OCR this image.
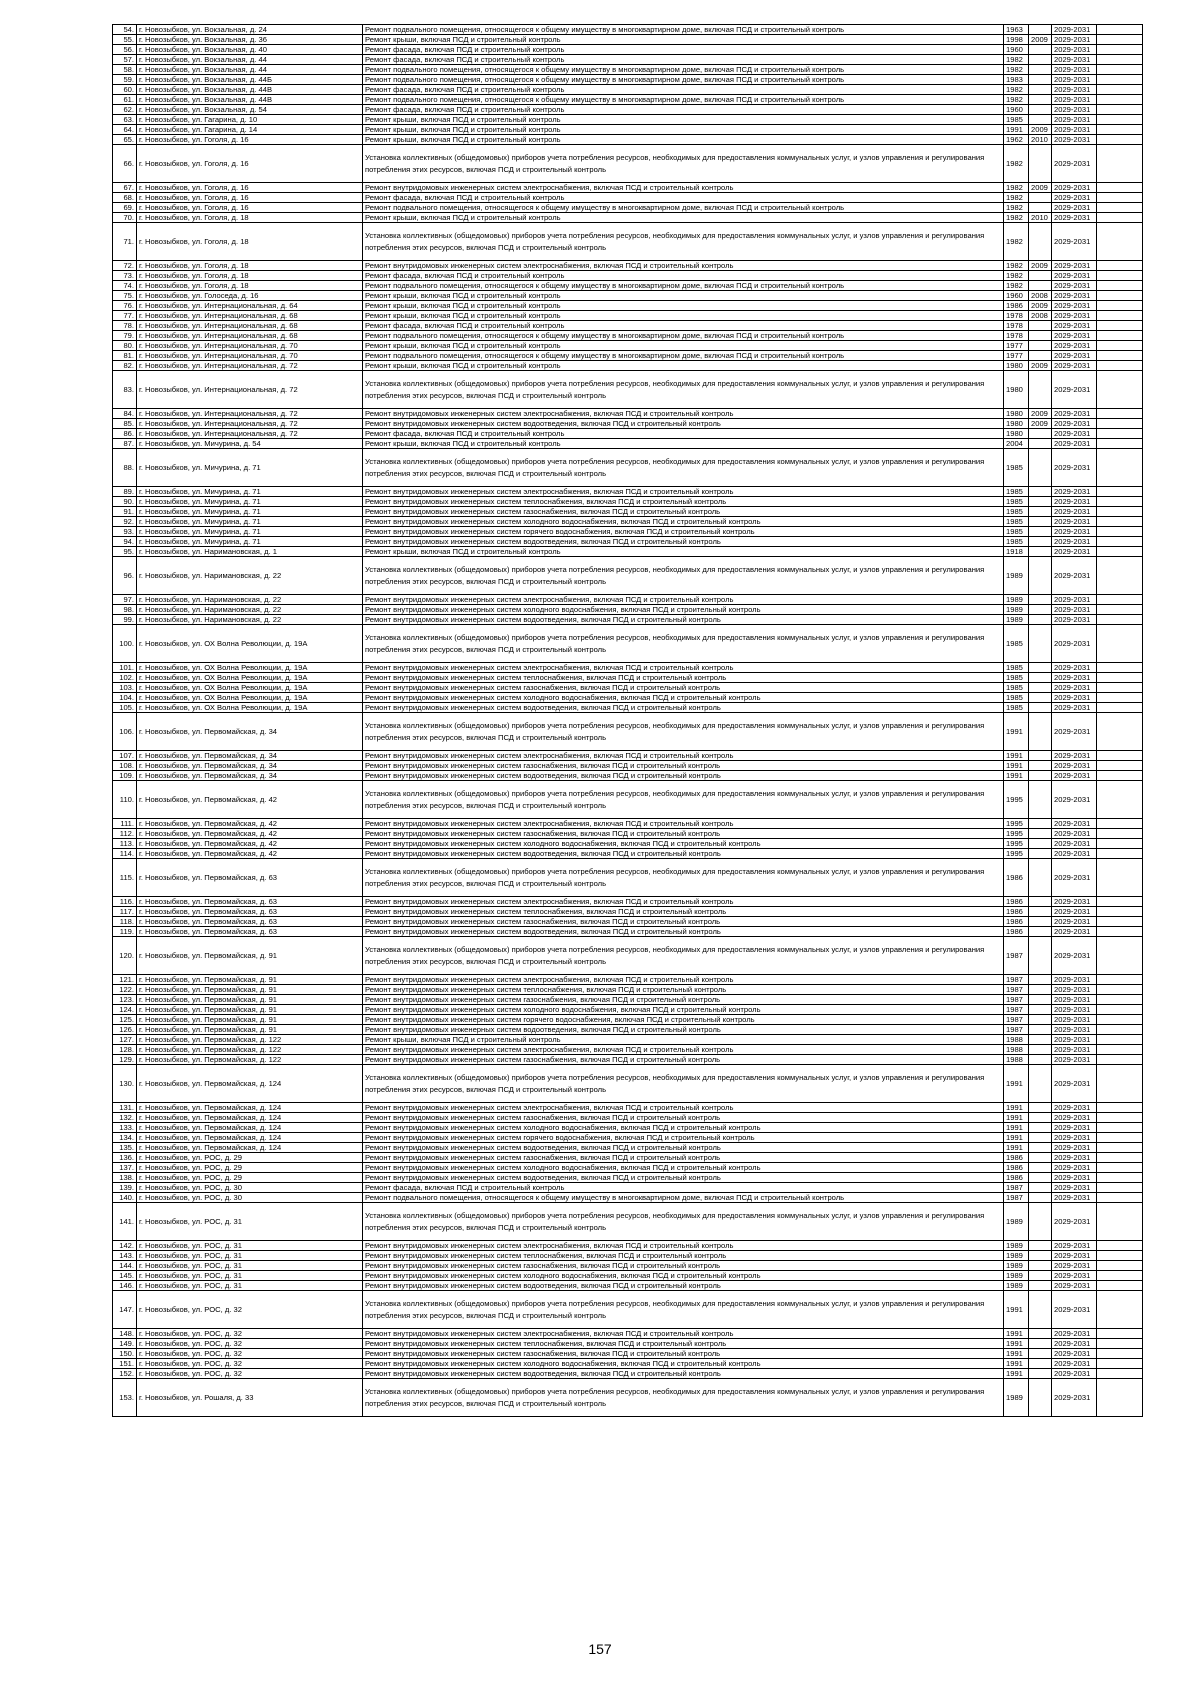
54.	г. Новозыбков, ул. Вокзальная, д. 24	Ремонт подвального помещения, относящегося к общему имуществу в многоквартирном доме, включая ПСД и строительный контроль	1963		2029-2031	
55.	г. Новозыбков, ул. Вокзальная, д. 36	Ремонт крыши, включая ПСД и строительный контроль	1998	2009	2029-2031	
56.	г. Новозыбков, ул. Вокзальная, д. 40	Ремонт фасада, включая ПСД и строительный контроль	1960		2029-2031	
57.	г. Новозыбков, ул. Вокзальная, д. 44	Ремонт фасада, включая ПСД и строительный контроль	1982		2029-2031	
58.	г. Новозыбков, ул. Вокзальная, д. 44	Ремонт подвального помещения, относящегося к общему имуществу в многоквартирном доме, включая ПСД и строительный контроль	1982		2029-2031	
59.	г. Новозыбков, ул. Вокзальная, д. 44Б	Ремонт подвального помещения, относящегося к общему имуществу в многоквартирном доме, включая ПСД и строительный контроль	1983		2029-2031	
60.	г. Новозыбков, ул. Вокзальная, д. 44В	Ремонт фасада, включая ПСД и строительный контроль	1982		2029-2031	
61.	г. Новозыбков, ул. Вокзальная, д. 44В	Ремонт подвального помещения, относящегося к общему имуществу в многоквартирном доме, включая ПСД и строительный контроль	1982		2029-2031	
62.	г. Новозыбков, ул. Вокзальная, д. 54	Ремонт фасада, включая ПСД и строительный контроль	1960		2029-2031	
63.	г. Новозыбков, ул. Гагарина, д. 10	Ремонт крыши, включая ПСД и строительный контроль	1985		2029-2031	
64.	г. Новозыбков, ул. Гагарина, д. 14	Ремонт крыши, включая ПСД и строительный контроль	1991	2009	2029-2031	
65.	г. Новозыбков, ул. Гоголя, д. 16	Ремонт крыши, включая ПСД и строительный контроль	1962	2010	2029-2031	
66.	г. Новозыбков, ул. Гоголя, д. 16	Установка коллективных (общедомовых) приборов учета потребления ресурсов, необходимых для предоставления коммунальных услуг, и узлов управления и регулирования потребления этих ресурсов, включая ПСД и строительный контроль	1982		2029-2031	
67.	г. Новозыбков, ул. Гоголя, д. 16	Ремонт внутридомовых инженерных систем электроснабжения, включая ПСД и строительный контроль	1982	2009	2029-2031	
68.	г. Новозыбков, ул. Гоголя, д. 16	Ремонт фасада, включая ПСД и строительный контроль	1982		2029-2031	
69.	г. Новозыбков, ул. Гоголя, д. 16	Ремонт подвального помещения, относящегося к общему имуществу в многоквартирном доме, включая ПСД и строительный контроль	1982		2029-2031	
70.	г. Новозыбков, ул. Гоголя, д. 18	Ремонт крыши, включая ПСД и строительный контроль	1982	2010	2029-2031	
71.	г. Новозыбков, ул. Гоголя, д. 18	Установка коллективных (общедомовых) приборов учета потребления ресурсов, необходимых для предоставления коммунальных услуг, и узлов управления и регулирования потребления этих ресурсов, включая ПСД и строительный контроль	1982		2029-2031	
72.	г. Новозыбков, ул. Гоголя, д. 18	Ремонт внутридомовых инженерных систем электроснабжения, включая ПСД и строительный контроль	1982	2009	2029-2031	
73.	г. Новозыбков, ул. Гоголя, д. 18	Ремонт фасада, включая ПСД и строительный контроль	1982		2029-2031	
74.	г. Новозыбков, ул. Гоголя, д. 18	Ремонт подвального помещения, относящегося к общему имуществу в многоквартирном доме, включая ПСД и строительный контроль	1982		2029-2031	
75.	г. Новозыбков, ул. Голоседа, д. 16	Ремонт крыши, включая ПСД и строительный контроль	1960	2008	2029-2031	
76.	г. Новозыбков, ул. Интернациональная, д. 64	Ремонт крыши, включая ПСД и строительный контроль	1986	2009	2029-2031	
77.	г. Новозыбков, ул. Интернациональная, д. 68	Ремонт крыши, включая ПСД и строительный контроль	1978	2008	2029-2031	
78.	г. Новозыбков, ул. Интернациональная, д. 68	Ремонт фасада, включая ПСД и строительный контроль	1978		2029-2031	
79.	г. Новозыбков, ул. Интернациональная, д. 68	Ремонт подвального помещения, относящегося к общему имуществу в многоквартирном доме, включая ПСД и строительный контроль	1978		2029-2031	
80.	г. Новозыбков, ул. Интернациональная, д. 70	Ремонт крыши, включая ПСД и строительный контроль	1977		2029-2031	
81.	г. Новозыбков, ул. Интернациональная, д. 70	Ремонт подвального помещения, относящегося к общему имуществу в многоквартирном доме, включая ПСД и строительный контроль	1977		2029-2031	
82.	г. Новозыбков, ул. Интернациональная, д. 72	Ремонт крыши, включая ПСД и строительный контроль	1980	2009	2029-2031	
83.	г. Новозыбков, ул. Интернациональная, д. 72	Установка коллективных (общедомовых) приборов учета потребления ресурсов, необходимых для предоставления коммунальных услуг, и узлов управления и регулирования потребления этих ресурсов, включая ПСД и строительный контроль	1980		2029-2031	
84.	г. Новозыбков, ул. Интернациональная, д. 72	Ремонт внутридомовых инженерных систем электроснабжения, включая ПСД и строительный контроль	1980	2009	2029-2031	
85.	г. Новозыбков, ул. Интернациональная, д. 72	Ремонт внутридомовых инженерных систем водоотведения, включая ПСД и строительный контроль	1980	2009	2029-2031	
86.	г. Новозыбков, ул. Интернациональная, д. 72	Ремонт фасада, включая ПСД и строительный контроль	1980		2029-2031	
87.	г. Новозыбков, ул. Мичурина, д. 54	Ремонт крыши, включая ПСД и строительный контроль	2004		2029-2031	
88.	г. Новозыбков, ул. Мичурина, д. 71	Установка коллективных (общедомовых) приборов учета потребления ресурсов, необходимых для предоставления коммунальных услуг, и узлов управления и регулирования потребления этих ресурсов, включая ПСД и строительный контроль	1985		2029-2031	
89.	г. Новозыбков, ул. Мичурина, д. 71	Ремонт внутридомовых инженерных систем электроснабжения, включая ПСД и строительный контроль	1985		2029-2031	
90.	г. Новозыбков, ул. Мичурина, д. 71	Ремонт внутридомовых инженерных систем теплоснабжения, включая ПСД и строительный контроль	1985		2029-2031	
91.	г. Новозыбков, ул. Мичурина, д. 71	Ремонт внутридомовых инженерных систем газоснабжения, включая ПСД и строительный контроль	1985		2029-2031	
92.	г. Новозыбков, ул. Мичурина, д. 71	Ремонт внутридомовых инженерных систем холодного водоснабжения, включая ПСД и строительный контроль	1985		2029-2031	
93.	г. Новозыбков, ул. Мичурина, д. 71	Ремонт внутридомовых инженерных систем горячего водоснабжения, включая ПСД и строительный контроль	1985		2029-2031	
94.	г. Новозыбков, ул. Мичурина, д. 71	Ремонт внутридомовых инженерных систем водоотведения, включая ПСД и строительный контроль	1985		2029-2031	
95.	г. Новозыбков, ул. Наримановская, д. 1	Ремонт крыши, включая ПСД и строительный контроль	1918		2029-2031	
96.	г. Новозыбков, ул. Наримановская, д. 22	Установка коллективных (общедомовых) приборов учета потребления ресурсов, необходимых для предоставления коммунальных услуг, и узлов управления и регулирования потребления этих ресурсов, включая ПСД и строительный контроль	1989		2029-2031	
97.	г. Новозыбков, ул. Наримановская, д. 22	Ремонт внутридомовых инженерных систем электроснабжения, включая ПСД и строительный контроль	1989		2029-2031	
98.	г. Новозыбков, ул. Наримановская, д. 22	Ремонт внутридомовых инженерных систем холодного водоснабжения, включая ПСД и строительный контроль	1989		2029-2031	
99.	г. Новозыбков, ул. Наримановская, д. 22	Ремонт внутридомовых инженерных систем водоотведения, включая ПСД и строительный контроль	1989		2029-2031	
100.	г. Новозыбков, ул. ОХ Волна Революции, д. 19А	Установка коллективных (общедомовых) приборов учета потребления ресурсов, необходимых для предоставления коммунальных услуг, и узлов управления и регулирования потребления этих ресурсов, включая ПСД и строительный контроль	1985		2029-2031	
101.	г. Новозыбков, ул. ОХ Волна Революции, д. 19А	Ремонт внутридомовых инженерных систем электроснабжения, включая ПСД и строительный контроль	1985		2029-2031	
102.	г. Новозыбков, ул. ОХ Волна Революции, д. 19А	Ремонт внутридомовых инженерных систем теплоснабжения, включая ПСД и строительный контроль	1985		2029-2031	
103.	г. Новозыбков, ул. ОХ Волна Революции, д. 19А	Ремонт внутридомовых инженерных систем газоснабжения, включая ПСД и строительный контроль	1985		2029-2031	
104.	г. Новозыбков, ул. ОХ Волна Революции, д. 19А	Ремонт внутридомовых инженерных систем холодного водоснабжения, включая ПСД и строительный контроль	1985		2029-2031	
105.	г. Новозыбков, ул. ОХ Волна Революции, д. 19А	Ремонт внутридомовых инженерных систем водоотведения, включая ПСД и строительный контроль	1985		2029-2031	
106.	г. Новозыбков, ул. Первомайская, д. 34	Установка коллективных (общедомовых) приборов учета потребления ресурсов, необходимых для предоставления коммунальных услуг, и узлов управления и регулирования потребления этих ресурсов, включая ПСД и строительный контроль	1991		2029-2031	
107.	г. Новозыбков, ул. Первомайская, д. 34	Ремонт внутридомовых инженерных систем электроснабжения, включая ПСД и строительный контроль	1991		2029-2031	
108.	г. Новозыбков, ул. Первомайская, д. 34	Ремонт внутридомовых инженерных систем газоснабжения, включая ПСД и строительный контроль	1991		2029-2031	
109.	г. Новозыбков, ул. Первомайская, д. 34	Ремонт внутридомовых инженерных систем водоотведения, включая ПСД и строительный контроль	1991		2029-2031	
110.	г. Новозыбков, ул. Первомайская, д. 42	Установка коллективных (общедомовых) приборов учета потребления ресурсов, необходимых для предоставления коммунальных услуг, и узлов управления и регулирования потребления этих ресурсов, включая ПСД и строительный контроль	1995		2029-2031	
111.	г. Новозыбков, ул. Первомайская, д. 42	Ремонт внутридомовых инженерных систем электроснабжения, включая ПСД и строительный контроль	1995		2029-2031	
112.	г. Новозыбков, ул. Первомайская, д. 42	Ремонт внутридомовых инженерных систем газоснабжения, включая ПСД и строительный контроль	1995		2029-2031	
113.	г. Новозыбков, ул. Первомайская, д. 42	Ремонт внутридомовых инженерных систем холодного водоснабжения, включая ПСД и строительный контроль	1995		2029-2031	
114.	г. Новозыбков, ул. Первомайская, д. 42	Ремонт внутридомовых инженерных систем водоотведения, включая ПСД и строительный контроль	1995		2029-2031	
115.	г. Новозыбков, ул. Первомайская, д. 63	Установка коллективных (общедомовых) приборов учета потребления ресурсов, необходимых для предоставления коммунальных услуг, и узлов управления и регулирования потребления этих ресурсов, включая ПСД и строительный контроль	1986		2029-2031	
116.	г. Новозыбков, ул. Первомайская, д. 63	Ремонт внутридомовых инженерных систем электроснабжения, включая ПСД и строительный контроль	1986		2029-2031	
117.	г. Новозыбков, ул. Первомайская, д. 63	Ремонт внутридомовых инженерных систем теплоснабжения, включая ПСД и строительный контроль	1986		2029-2031	
118.	г. Новозыбков, ул. Первомайская, д. 63	Ремонт внутридомовых инженерных систем газоснабжения, включая ПСД и строительный контроль	1986		2029-2031	
119.	г. Новозыбков, ул. Первомайская, д. 63	Ремонт внутридомовых инженерных систем водоотведения, включая ПСД и строительный контроль	1986		2029-2031	
120.	г. Новозыбков, ул. Первомайская, д. 91	Установка коллективных (общедомовых) приборов учета потребления ресурсов, необходимых для предоставления коммунальных услуг, и узлов управления и регулирования потребления этих ресурсов, включая ПСД и строительный контроль	1987		2029-2031	
121.	г. Новозыбков, ул. Первомайская, д. 91	Ремонт внутридомовых инженерных систем электроснабжения, включая ПСД и строительный контроль	1987		2029-2031	
122.	г. Новозыбков, ул. Первомайская, д. 91	Ремонт внутридомовых инженерных систем теплоснабжения, включая ПСД и строительный контроль	1987		2029-2031	
123.	г. Новозыбков, ул. Первомайская, д. 91	Ремонт внутридомовых инженерных систем газоснабжения, включая ПСД и строительный контроль	1987		2029-2031	
124.	г. Новозыбков, ул. Первомайская, д. 91	Ремонт внутридомовых инженерных систем холодного водоснабжения, включая ПСД и строительный контроль	1987		2029-2031	
125.	г. Новозыбков, ул. Первомайская, д. 91	Ремонт внутридомовых инженерных систем горячего водоснабжения, включая ПСД и строительный контроль	1987		2029-2031	
126.	г. Новозыбков, ул. Первомайская, д. 91	Ремонт внутридомовых инженерных систем водоотведения, включая ПСД и строительный контроль	1987		2029-2031	
127.	г. Новозыбков, ул. Первомайская, д. 122	Ремонт крыши, включая ПСД и строительный контроль	1988		2029-2031	
128.	г. Новозыбков, ул. Первомайская, д. 122	Ремонт внутридомовых инженерных систем электроснабжения, включая ПСД и строительный контроль	1988		2029-2031	
129.	г. Новозыбков, ул. Первомайская, д. 122	Ремонт внутридомовых инженерных систем газоснабжения, включая ПСД и строительный контроль	1988		2029-2031	
130.	г. Новозыбков, ул. Первомайская, д. 124	Установка коллективных (общедомовых) приборов учета потребления ресурсов, необходимых для предоставления коммунальных услуг, и узлов управления и регулирования потребления этих ресурсов, включая ПСД и строительный контроль	1991		2029-2031	
131.	г. Новозыбков, ул. Первомайская, д. 124	Ремонт внутридомовых инженерных систем электроснабжения, включая ПСД и строительный контроль	1991		2029-2031	
132.	г. Новозыбков, ул. Первомайская, д. 124	Ремонт внутридомовых инженерных систем газоснабжения, включая ПСД и строительный контроль	1991		2029-2031	
133.	г. Новозыбков, ул. Первомайская, д. 124	Ремонт внутридомовых инженерных систем холодного водоснабжения, включая ПСД и строительный контроль	1991		2029-2031	
134.	г. Новозыбков, ул. Первомайская, д. 124	Ремонт внутридомовых инженерных систем горячего водоснабжения, включая ПСД и строительный контроль	1991		2029-2031	
135.	г. Новозыбков, ул. Первомайская, д. 124	Ремонт внутридомовых инженерных систем водоотведения, включая ПСД и строительный контроль	1991		2029-2031	
136.	г. Новозыбков, ул. РОС, д. 29	Ремонт внутридомовых инженерных систем газоснабжения, включая ПСД и строительный контроль	1986		2029-2031	
137.	г. Новозыбков, ул. РОС, д. 29	Ремонт внутридомовых инженерных систем холодного водоснабжения, включая ПСД и строительный контроль	1986		2029-2031	
138.	г. Новозыбков, ул. РОС, д. 29	Ремонт внутридомовых инженерных систем водоотведения, включая ПСД и строительный контроль	1986		2029-2031	
139.	г. Новозыбков, ул. РОС, д. 30	Ремонт фасада, включая ПСД и строительный контроль	1987		2029-2031	
140.	г. Новозыбков, ул. РОС, д. 30	Ремонт подвального помещения, относящегося к общему имуществу в многоквартирном доме, включая ПСД и строительный контроль	1987		2029-2031	
141.	г. Новозыбков, ул. РОС, д. 31	Установка коллективных (общедомовых) приборов учета потребления ресурсов, необходимых для предоставления коммунальных услуг, и узлов управления и регулирования потребления этих ресурсов, включая ПСД и строительный контроль	1989		2029-2031	
142.	г. Новозыбков, ул. РОС, д. 31	Ремонт внутридомовых инженерных систем электроснабжения, включая ПСД и строительный контроль	1989		2029-2031	
143.	г. Новозыбков, ул. РОС, д. 31	Ремонт внутридомовых инженерных систем теплоснабжения, включая ПСД и строительный контроль	1989		2029-2031	
144.	г. Новозыбков, ул. РОС, д. 31	Ремонт внутридомовых инженерных систем газоснабжения, включая ПСД и строительный контроль	1989		2029-2031	
145.	г. Новозыбков, ул. РОС, д. 31	Ремонт внутридомовых инженерных систем холодного водоснабжения, включая ПСД и строительный контроль	1989		2029-2031	
146.	г. Новозыбков, ул. РОС, д. 31	Ремонт внутридомовых инженерных систем водоотведения, включая ПСД и строительный контроль	1989		2029-2031	
147.	г. Новозыбков, ул. РОС, д. 32	Установка коллективных (общедомовых) приборов учета потребления ресурсов, необходимых для предоставления коммунальных услуг, и узлов управления и регулирования потребления этих ресурсов, включая ПСД и строительный контроль	1991		2029-2031	
148.	г. Новозыбков, ул. РОС, д. 32	Ремонт внутридомовых инженерных систем электроснабжения, включая ПСД и строительный контроль	1991		2029-2031	
149.	г. Новозыбков, ул. РОС, д. 32	Ремонт внутридомовых инженерных систем теплоснабжения, включая ПСД и строительный контроль	1991		2029-2031	
150.	г. Новозыбков, ул. РОС, д. 32	Ремонт внутридомовых инженерных систем газоснабжения, включая ПСД и строительный контроль	1991		2029-2031	
151.	г. Новозыбков, ул. РОС, д. 32	Ремонт внутридомовых инженерных систем холодного водоснабжения, включая ПСД и строительный контроль	1991		2029-2031	
152.	г. Новозыбков, ул. РОС, д. 32	Ремонт внутридомовых инженерных систем водоотведения, включая ПСД и строительный контроль	1991		2029-2031	
153.	г. Новозыбков, ул. Рошаля, д. 33	Установка коллективных (общедомовых) приборов учета потребления ресурсов, необходимых для предоставления коммунальных услуг, и узлов управления и регулирования потребления этих ресурсов, включая ПСД и строительный контроль	1989		2029-2031	
157
